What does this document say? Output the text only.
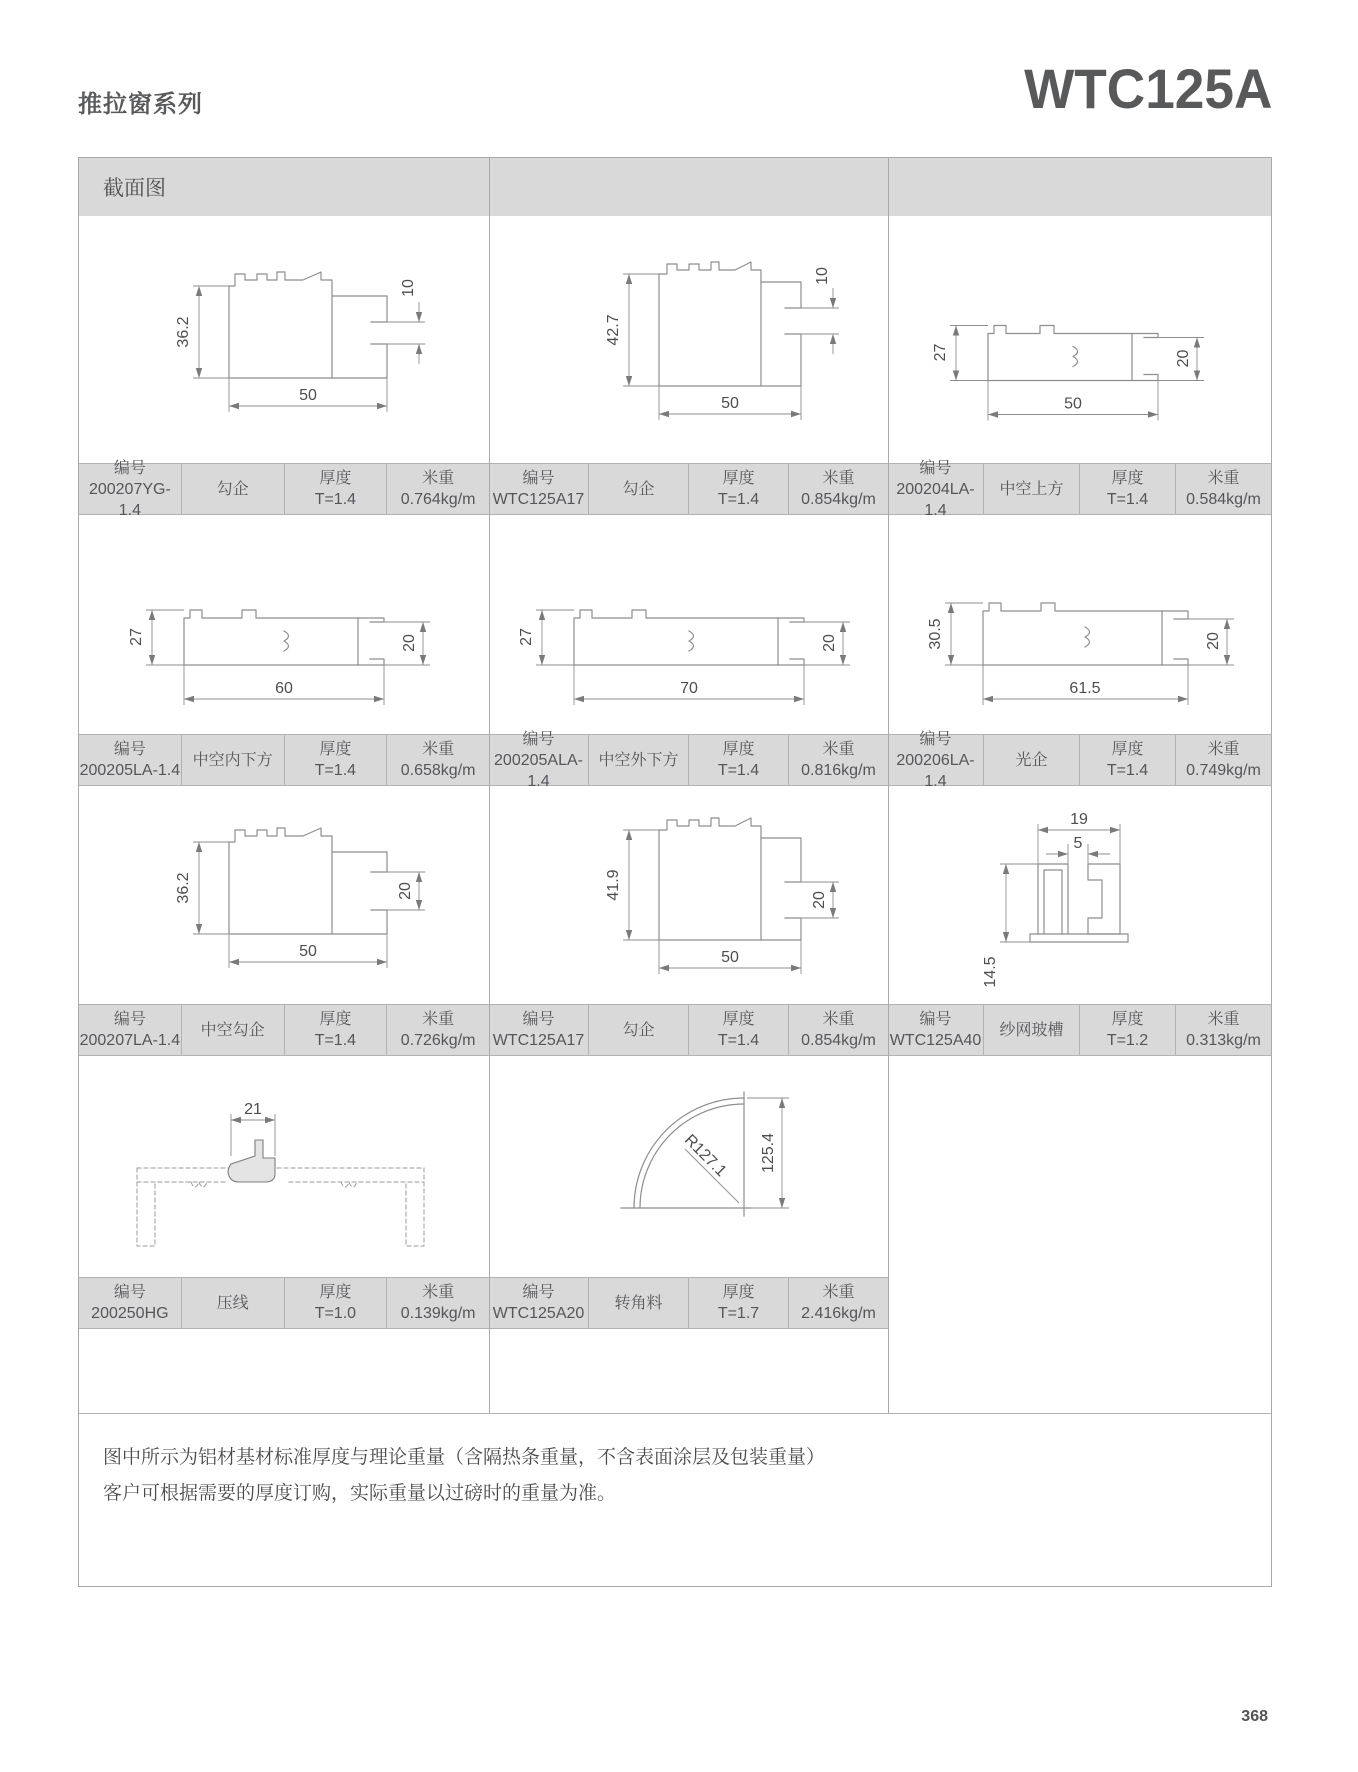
推拉窗系列	WTC125A
截面图
36.2
50
10
42.7
50
10
27
50
20
编号
200207YG-1.4
勾企
厚度
T=1.4
米重
0.764kg/m
编号
WTC125A17
勾企
厚度
T=1.4
米重
0.854kg/m
编号
200204LA-1.4
中空上方
厚度
T=1.4
米重
0.584kg/m
27
60
20	27
70
20	30.5
61.5
20
编号
200205LA-1.4
中空内下方
厚度
T=1.4
米重
0.658kg/m
编号
200205ALA-1.4
中空外下方
厚度
T=1.4
米重
0.816kg/m
编号
200206LA-1.4
光企
厚度
T=1.4
米重
0.749kg/m
36.2
50
20	41.9
50
20
19
5
14.5
编号
200207LA-1.4
中空勾企
厚度
T=1.4
米重
0.726kg/m
编号
WTC125A17
勾企
厚度
T=1.4
米重
0.854kg/m
编号
WTC125A40
纱网玻槽
厚度
T=1.2
米重
0.313kg/m
21
R127.1 125.4
编号
200250HG
压线
厚度
T=1.0
米重
0.139kg/m
编号
WTC125A20
转角料
厚度
T=1.7
米重
2.416kg/m
图中所示为铝材基材标准厚度与理论重量（含隔热条重量，不含表面涂层及包装重量）
客户可根据需要的厚度订购，实际重量以过磅时的重量为准。
368
